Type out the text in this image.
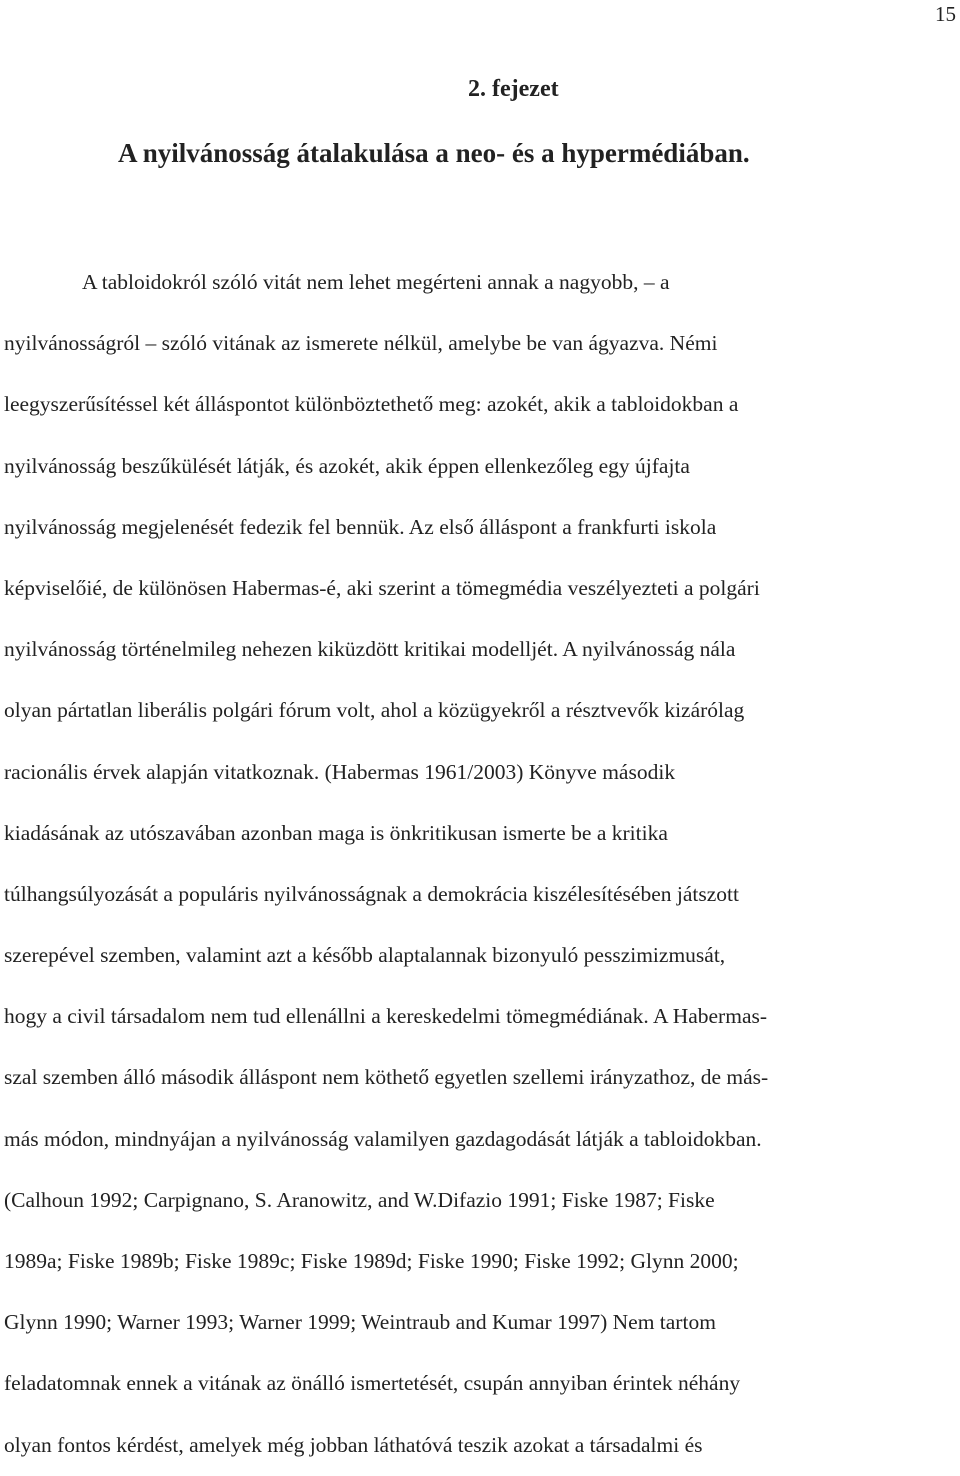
15
2. fejezet
A nyilvánosság átalakulása a neo- és a hypermédiában.
A tabloidokról szóló vitát nem lehet megérteni annak a nagyobb, – a
nyilvánosságról – szóló vitának az ismerete nélkül, amelybe be van ágyazva. Némi
leegyszerűsítéssel két álláspontot különböztethető meg: azokét, akik a tabloidokban a
nyilvánosság beszűkülését látják, és azokét, akik éppen ellenkezőleg egy újfajta
nyilvánosság megjelenését fedezik fel bennük. Az első álláspont a frankfurti iskola
képviselőié, de különösen Habermas-é, aki szerint a tömegmédia veszélyezteti a polgári
nyilvánosság történelmileg nehezen kiküzdött kritikai modelljét. A nyilvánosság nála
olyan pártatlan liberális polgári fórum volt, ahol a közügyekről a résztvevők kizárólag
racionális érvek alapján vitatkoznak. (Habermas 1961/2003) Könyve második
kiadásának az utószavában azonban maga is önkritikusan ismerte be a kritika
túlhangsúlyozását a populáris nyilvánosságnak a demokrácia kiszélesítésében játszott
szerepével szemben, valamint azt a később alaptalannak bizonyuló pesszimizmusát,
hogy a civil társadalom nem tud ellenállni a kereskedelmi tömegmédiának. A Habermas-
szal szemben álló második álláspont nem köthető egyetlen szellemi irányzathoz, de más-
más módon, mindnyájan a nyilvánosság valamilyen gazdagodását látják a tabloidokban.
(Calhoun 1992; Carpignano, S. Aranowitz, and W.Difazio 1991; Fiske 1987; Fiske
1989a; Fiske 1989b; Fiske 1989c; Fiske 1989d; Fiske 1990; Fiske 1992; Glynn 2000;
Glynn 1990; Warner 1993; Warner 1999; Weintraub and Kumar 1997) Nem tartom
feladatomnak ennek a vitának az önálló ismertetését, csupán annyiban érintek néhány
olyan fontos kérdést, amelyek még jobban láthatóvá teszik azokat a társadalmi és
